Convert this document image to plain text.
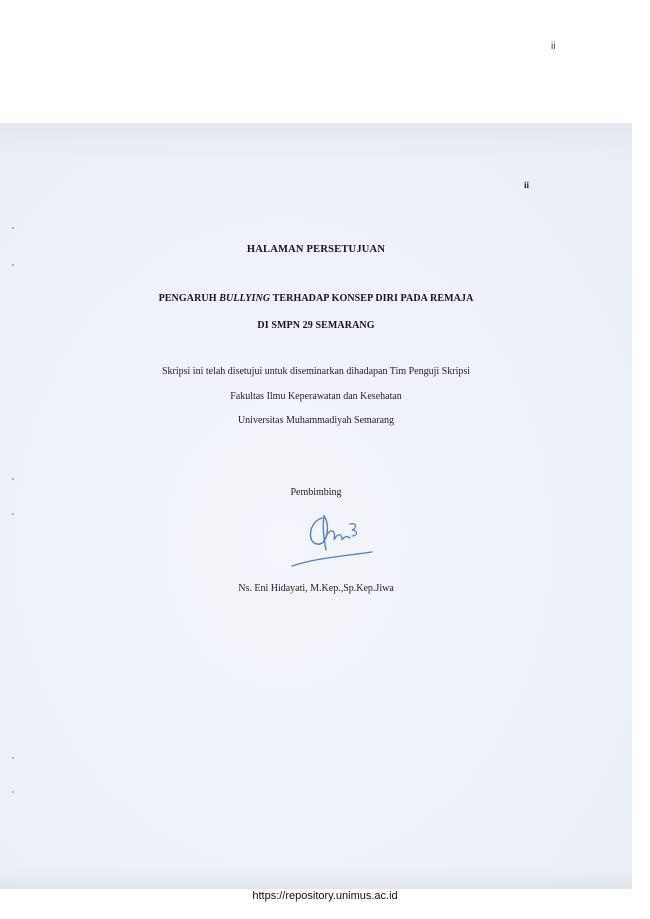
ii
ii
HALAMAN PERSETUJUAN
PENGARUH BULLYING TERHADAP KONSEP DIRI PADA REMAJA
DI SMPN 29 SEMARANG
Skripsi ini telah disetujui untuk diseminarkan dihadapan Tim Penguji Skripsi
Fakultas Ilmu Keperawatan dan Kesehatan
Universitas Muhammadiyah Semarang
Pembimbing
Ns. Eni Hidayati, M.Kep.,Sp.Kep.Jiwa
https://repository.unimus.ac.id
